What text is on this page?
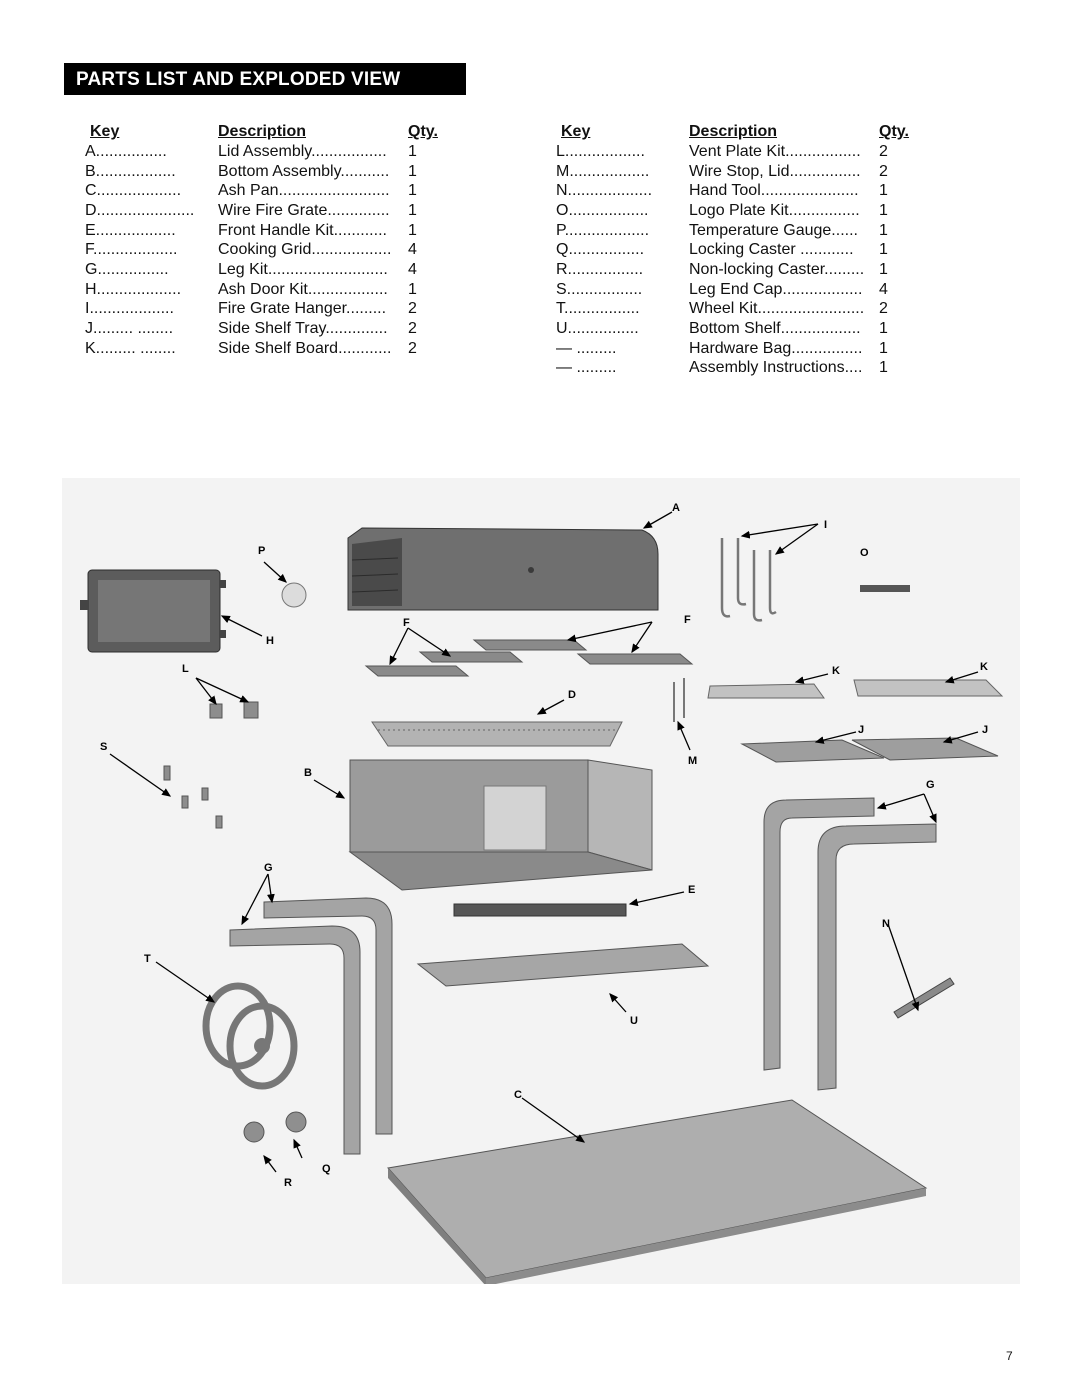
PARTS LIST AND EXPLODED VIEW
Key	Description	Qty.
A................	Lid Assembly.................	1
B..................	Bottom Assembly...........	1
C...................	Ash Pan.........................	1
D......................	Wire Fire Grate..............	1
E..................	Front Handle Kit............	1
F...................	Cooking Grid..................	4
G................	Leg Kit...........................	4
H...................	Ash Door Kit..................	1
I...................	Fire Grate Hanger.........	2
J......... ........	Side Shelf Tray..............	2
K......... ........	Side Shelf Board............	2
Key	Description	Qty.
L..................	Vent Plate Kit.................	2
M..................	Wire Stop, Lid................	2
N...................	Hand Tool......................	1
O..................	Logo Plate Kit................	1
P...................	Temperature Gauge......	1
Q.................	Locking Caster ............	1
R.................	Non-locking Caster.........	1
S.................	Leg End Cap..................	4
T.................	Wheel Kit........................	2
U................	Bottom Shelf..................	1
— .........	Hardware Bag................	1
— .........	Assembly Instructions....	1
A
I
P	O
H
F	F
L	K	K
D
J	J
S
M
B
G
G
E
N
T
U
C
Q
R
7
